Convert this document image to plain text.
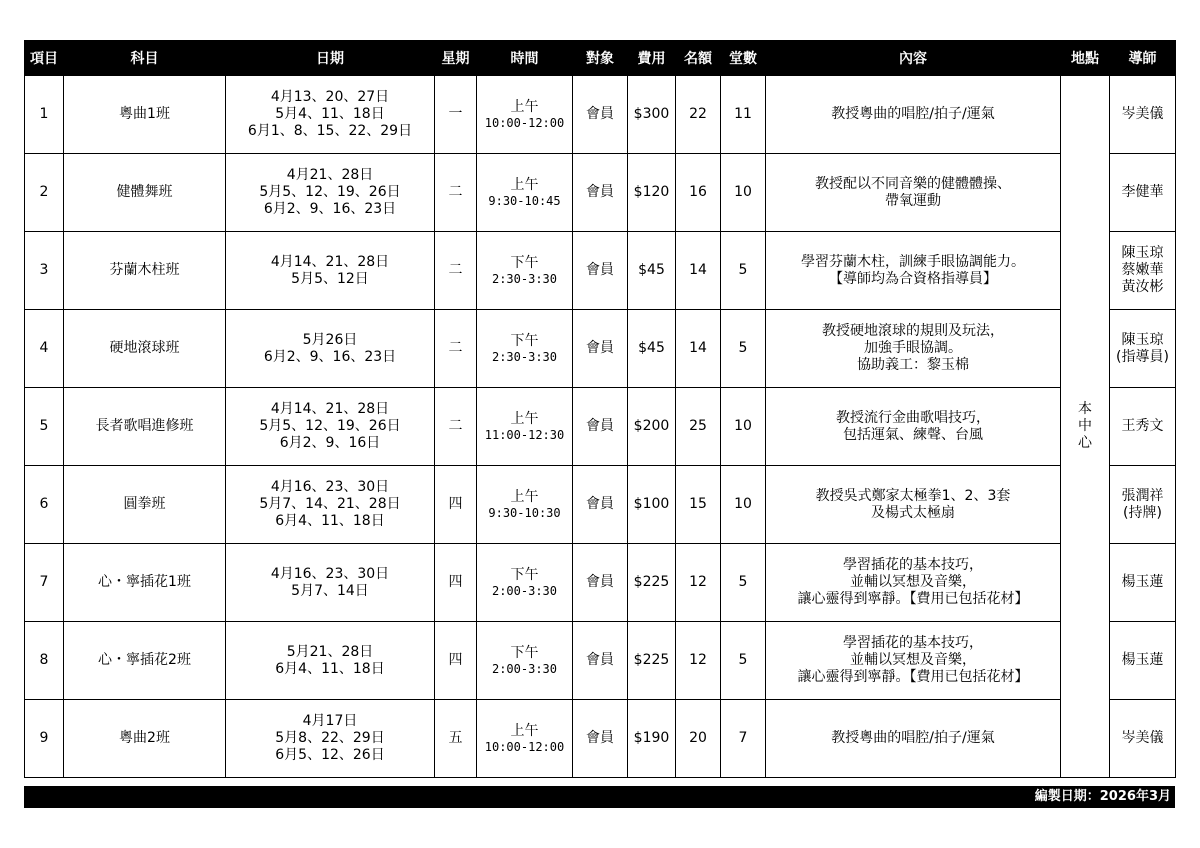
項目	科目	日期	星期	時間	對象	費用	名額	堂數	內容	地點	導師
1	粵曲1班	4月13、20、27日
5月4、11、18日
6月1、8、15、22、29日	一	上午
10:00-12:00	會員	$300	22	11	教授粵曲的唱腔/拍子/運氣	本
中
心	岑美儀

2	健體舞班	4月21、28日
5月5、12、19、26日
6月2、9、16、23日	二	上午
9:30-10:45	會員	$120	16	10	教授配以不同音樂的健體體操、
帶氧運動		李健華

3	芬蘭木柱班	4月14、21、28日
5月5、12日	二	下午
2:30-3:30	會員	$45	14	5	學習芬蘭木柱，訓練手眼協調能力。
【導師均為合資格指導員】		陳玉琼
蔡嫩華
黃汝彬

4	硬地滾球班	5月26日
6月2、9、16、23日	二	下午
2:30-3:30	會員	$45	14	5	教授硬地滾球的規則及玩法，
加強手眼協調。
協助義工：黎玉棉		陳玉琼
(指導員)

5	長者歌唱進修班	4月14、21、28日
5月5、12、19、26日
6月2、9、16日	二	上午
11:00-12:30	會員	$200	25	10	教授流行金曲歌唱技巧，
包括運氣、練聲、台風		王秀文

6	圓拳班	4月16、23、30日
5月7、14、21、28日
6月4、11、18日	四	上午
9:30-10:30	會員	$100	15	10	教授吳式鄭家太極拳1、2、3套
及楊式太極扇		張潤祥
(持牌)

7	心・寧插花1班	4月16、23、30日
5月7、14日	四	下午
2:00-3:30	會員	$225	12	5	學習插花的基本技巧，
並輔以冥想及音樂，
讓心靈得到寧靜。【費用已包括花材】		楊玉蓮

8	心・寧插花2班	5月21、28日
6月4、11、18日	四	下午
2:00-3:30	會員	$225	12	5	學習插花的基本技巧，
並輔以冥想及音樂，
讓心靈得到寧靜。【費用已包括花材】		楊玉蓮

9	粵曲2班	4月17日
5月8、22、29日
6月5、12、26日	五	上午
10:00-12:00	會員	$190	20	7	教授粵曲的唱腔/拍子/運氣		岑美儀
編製日期：2026年3月
